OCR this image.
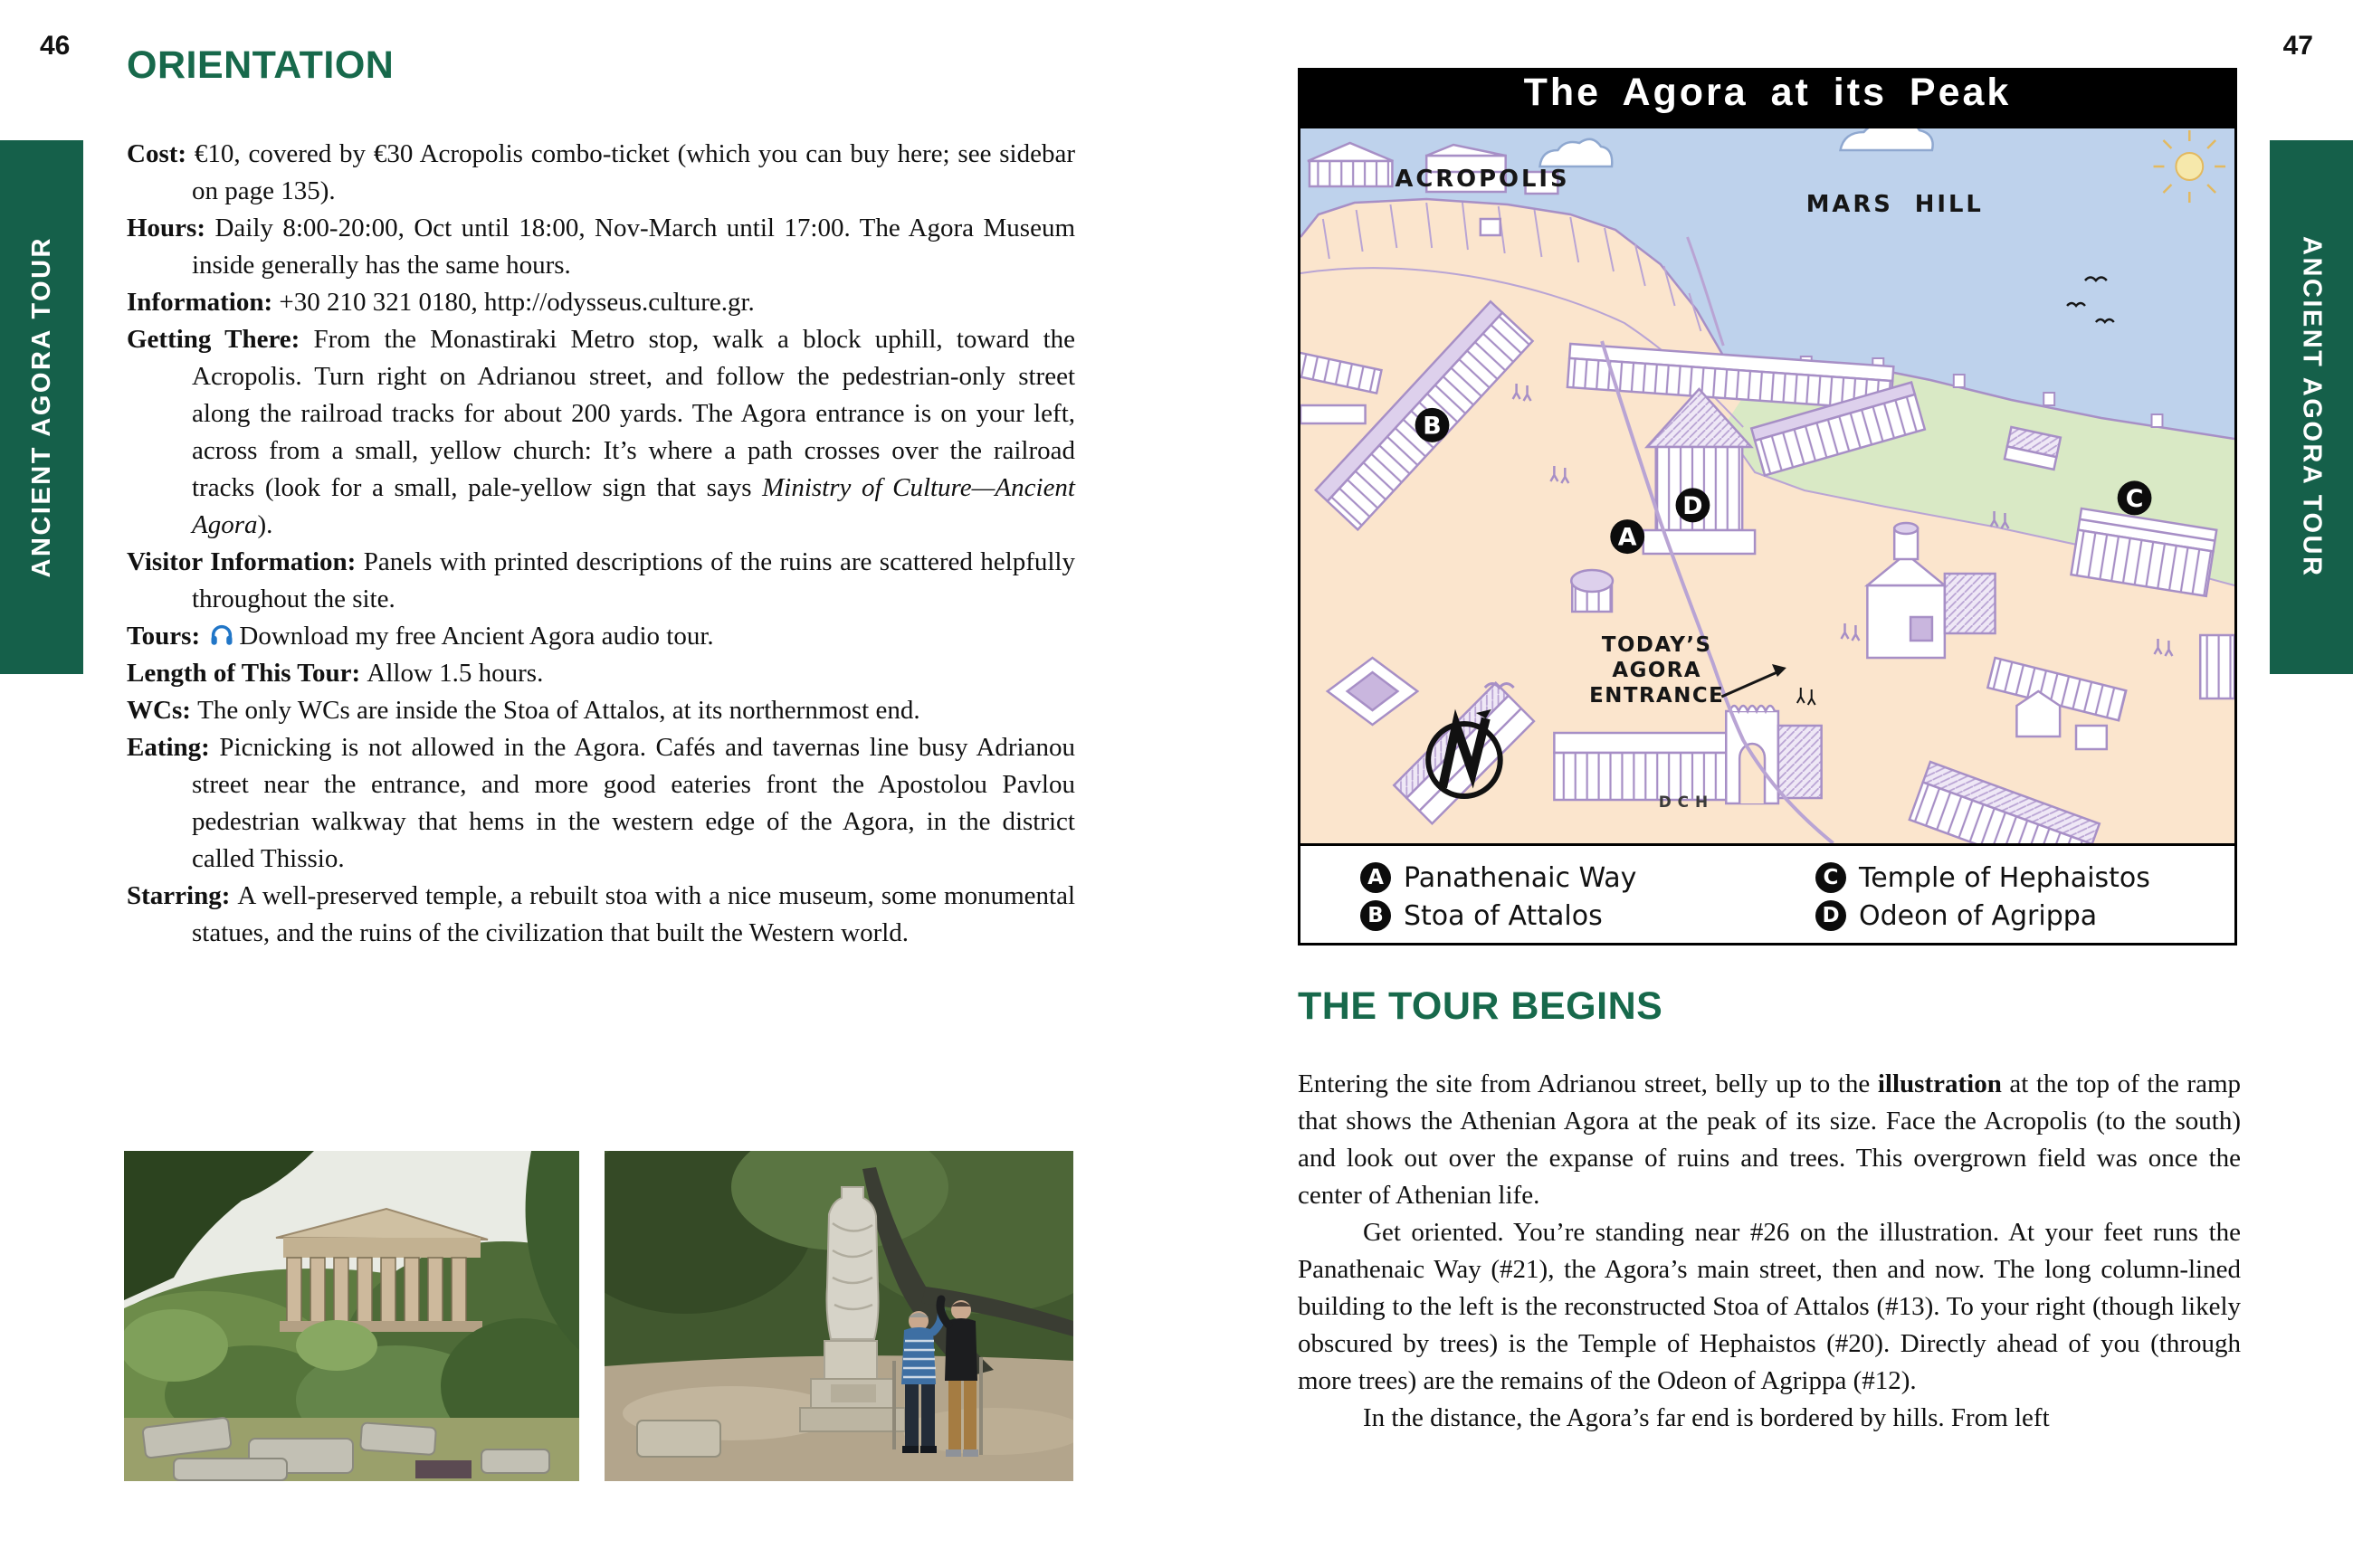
46	47
ANCIENT AGORA TOUR	ANCIENT AGORA TOUR
ORIENTATION
Cost: €10, covered by €30 Acropolis combo-ticket (which you can buy here; see sidebar on page 135).
Hours: Daily 8:00-20:00, Oct until 18:00, Nov-March until 17:00. The Agora Museum inside generally has the same hours.
Information: +30 210 321 0180, http://odysseus.culture.gr.
Getting There: From the Monastiraki Metro stop, walk a block uphill, toward the Acropolis. Turn right on Adrianou street, and follow the pedestrian-only street along the railroad tracks for about 200 yards. The Agora entrance is on your left, across from a small, yellow church: It’s where a path crosses over the railroad tracks (look for a small, pale-yellow sign that says Ministry of Culture—Ancient Agora).
Visitor Information: Panels with printed descriptions of the ruins are scattered helpfully throughout the site.
Tours: Download my free Ancient Agora audio tour.
Length of This Tour: Allow 1.5 hours.
WCs: The only WCs are inside the Stoa of Attalos, at its northernmost end.
Eating: Picnicking is not allowed in the Agora. Cafés and tavernas line busy Adrianou street near the entrance, and more good eateries front the Apostolou Pavlou pedestrian walkway that hems in the western edge of the Agora, in the district called Thissio.
Starring: A well-preserved temple, a rebuilt stoa with a nice museum, some monumental statues, and the ruins of the civilization that built the Western world.
The Agora at its Peak
ACROPOLIS
MARS HILL
TODAY’S
AGORA
ENTRANCE
DCH
B
A
D	C
A Panathenaic Way
B Stoa of Attalos
C Temple of Hephaistos
D Odeon of Agrippa
THE TOUR BEGINS

Entering the site from Adrianou street, belly up to the illustration at the top of the ramp that shows the Athenian Agora at the peak of its size. Face the Acropolis (to the south) and look out over the expanse of ruins and trees. This overgrown field was once the center of Athenian life.

Get oriented. You’re standing near #26 on the illustration. At your feet runs the Panathenaic Way (#21), the Agora’s main street, then and now. The long column-lined building to the left is the reconstructed Stoa of Attalos (#13). To your right (though likely obscured by trees) is the Temple of Hephaistos (#20). Directly ahead of you (through more trees) are the remains of the Odeon of Agrippa (#12).

In the distance, the Agora’s far end is bordered by hills. From left
